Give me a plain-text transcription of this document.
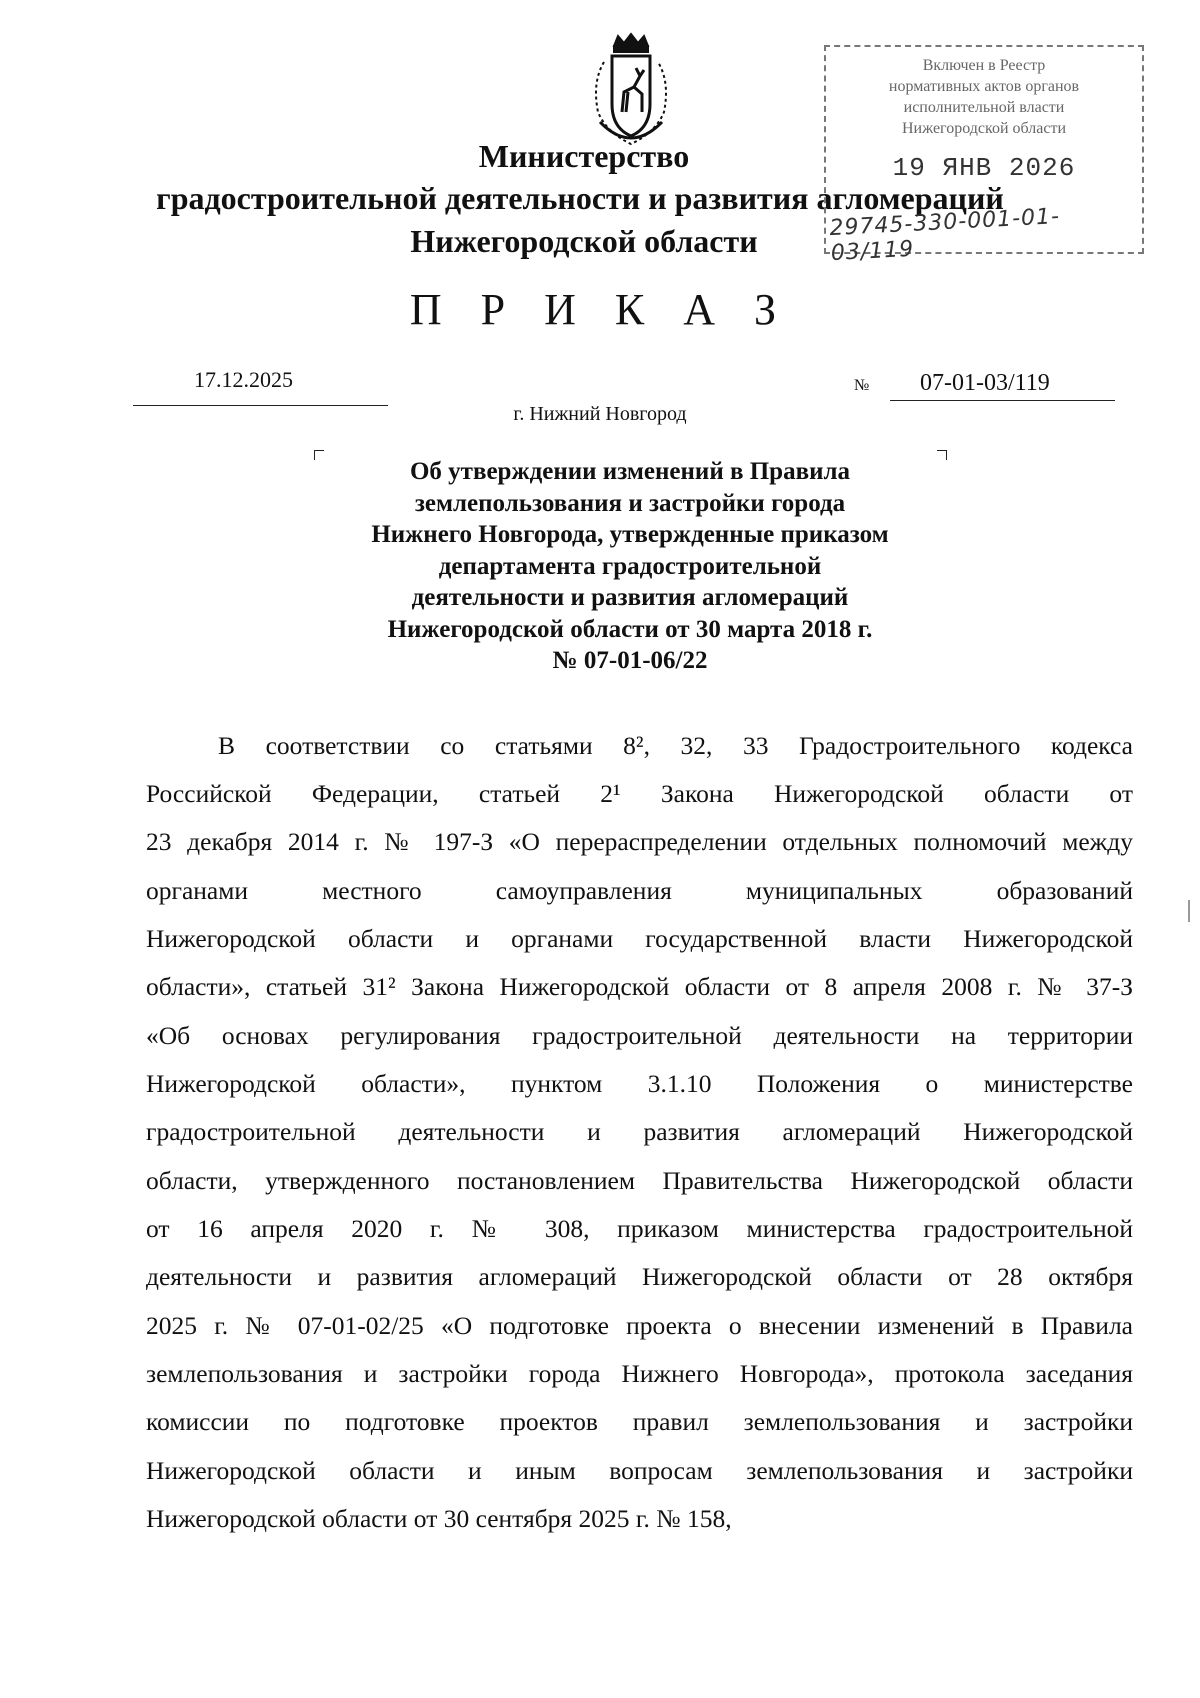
Министерство
градостроительной деятельности и развития агломераций
Нижегородской области
Включен в Реестр
нормативных актов органов
исполнительной власти
Нижегородской области
19 ЯНВ 2026
29745-330-001-01-03/119
П Р И К А З
17.12.2025	№ 07-01-03/119
г. Нижний Новгород
Об утверждении изменений в Правила
землепользования и застройки города
Нижнего Новгорода, утвержденные приказом
департамента градостроительной
деятельности и развития агломераций
Нижегородской области от 30 марта 2018 г.
№ 07-01-06/22
В соответствии со статьями 8², 32, 33 Градостроительного кодекса
Российской Федерации, статьей 2¹ Закона Нижегородской области от
23 декабря 2014 г. № 197-З «О перераспределении отдельных полномочий между
органами местного самоуправления муниципальных образований
Нижегородской области и органами государственной власти Нижегородской
области», статьей 31² Закона Нижегородской области от 8 апреля 2008 г. № 37-З
«Об основах регулирования градостроительной деятельности на территории
Нижегородской области», пунктом 3.1.10 Положения о министерстве
градостроительной деятельности и развития агломераций Нижегородской
области, утвержденного постановлением Правительства Нижегородской области
от 16 апреля 2020 г. № 308, приказом министерства градостроительной
деятельности и развития агломераций Нижегородской области от 28 октября
2025 г. № 07-01-02/25 «О подготовке проекта о внесении изменений в Правила
землепользования и застройки города Нижнего Новгорода», протокола заседания
комиссии по подготовке проектов правил землепользования и застройки
Нижегородской области и иным вопросам землепользования и застройки
Нижегородской области от 30 сентября 2025 г. № 158,
